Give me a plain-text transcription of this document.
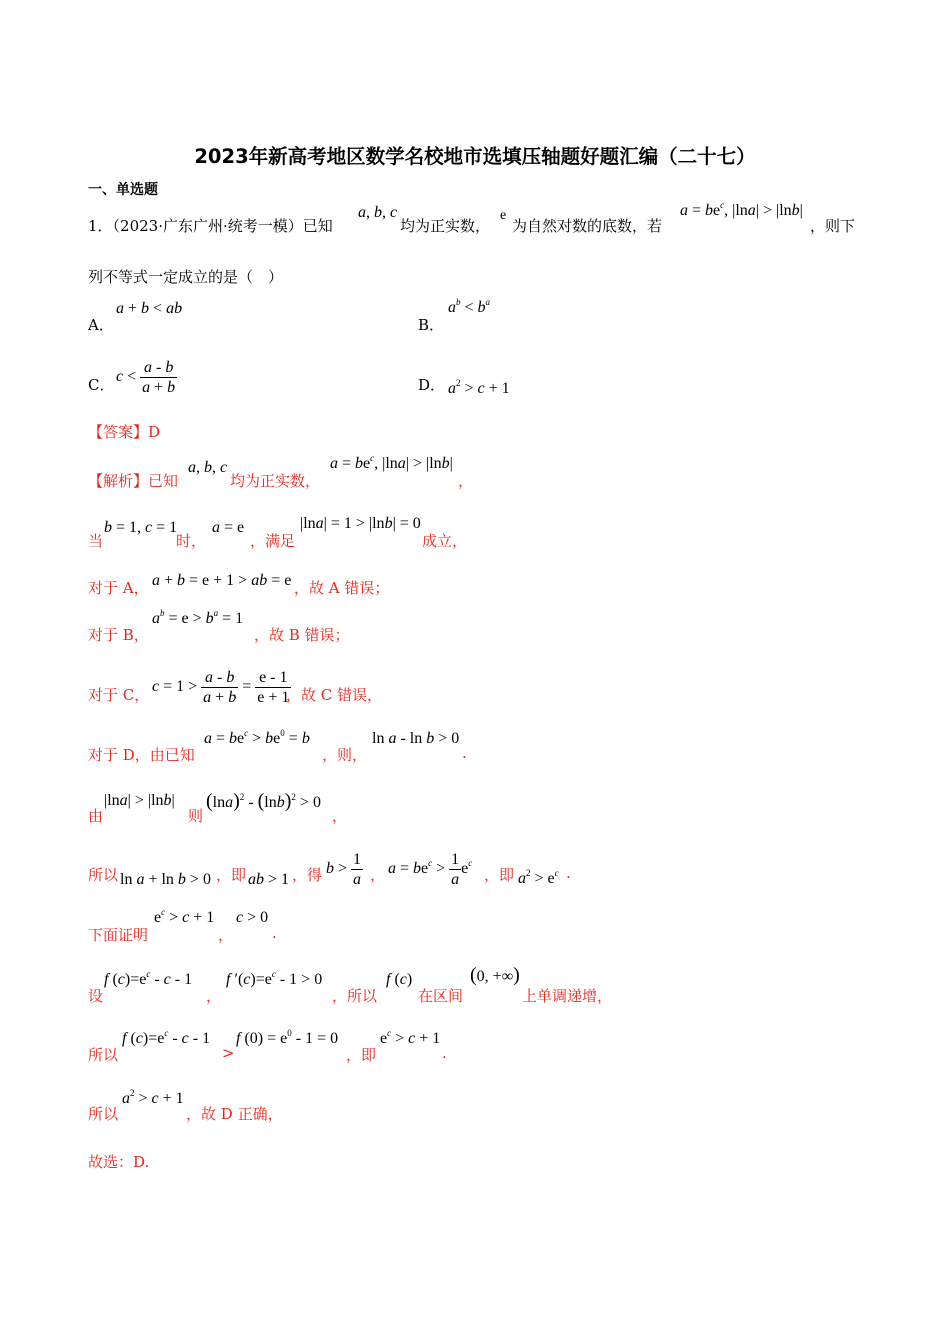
2023年新高考地区数学名校地市选填压轴题好题汇编（二十七）
一、单选题
1．（2023·广东广州·统考一模）已知
a, b, c
均为正实数，
e
为自然对数的底数，若
$a = be^c$, |lna| > |lnb|
，则下
列不等式一定成立的是（　）
A．
a + b < ab
B．
$a^b < b^a$
C． $c < \frac{a - b}{a + b}$	D． $a^2 > c + 1$
【答案】D
【解析】已知
a, b, c
均为正实数，
$a = be^c$, |lna| > |lnb|
，
当
b = 1, c = 1
时，
a = e
，满足
|lna| = 1 > |lnb| = 0
成立，
对于 A， a + b = e + 1 > ab = e ，故 A 错误；
对于 B，
$a^b = e > b^a = 1$
，故 B 错误；
对于 C， $c = 1 > \frac{a - b}{a + b} = \frac{e - 1}{e + 1}$
，故 C 错误，
对于 D，由已知
$a = be^c > be^0 = b$
，则，
ln a - ln b > 0
.
由
|lna| > |lnb|
则
$(\ln a)^2 - (\ln b)^2 > 0$
，
所以 ln a + ln b > 0 ，即 ab > 1 ，得 $b > \frac{1}{a}$ ， $a = be^c > \frac{1}{a} e^c$
，即 $a^2 > e^c$ .
下面证明
$e^c > c + 1$
，
c > 0
.
设
f $(c)=e^c - c - 1$
，
f $'(c)=e^c - 1 > 0$
，所以
f (c)
在区间
(0, +∞)
上单调递增，
所以
f $(c)=e^c - c - 1$
>
f $(0) = e^0 - 1 = 0$
，即
$e^c > c + 1$
.
所以
$a^2 > c + 1$
，故 D 正确，
故选：D.
